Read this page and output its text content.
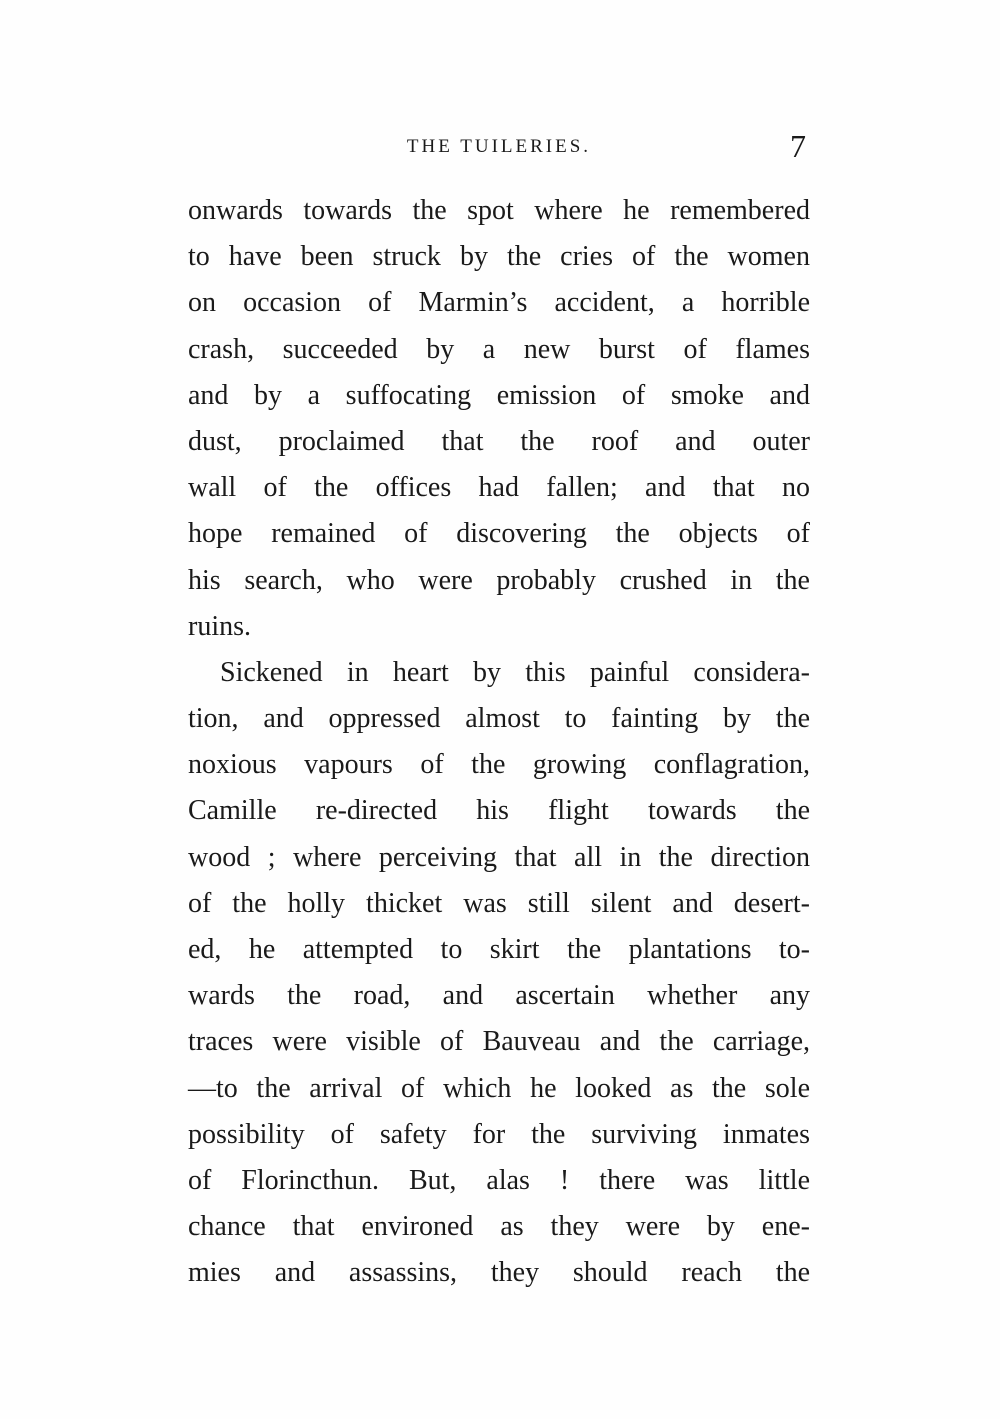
THE TUILERIES.	7
onwards towards the spot where he remembered
to have been struck by the cries of the women
on occasion of Marmin’s accident, a horrible
crash, succeeded by a new burst of flames
and by a suffocating emission of smoke and
dust, proclaimed that the roof and outer
wall of the offices had fallen; and that no
hope remained of discovering the objects of
his search, who were probably crushed in the
ruins.
Sickened in heart by this painful considera-
tion, and oppressed almost to fainting by the
noxious vapours of the growing conflagration,
Camille re-directed his flight towards the
wood ; where perceiving that all in the direction
of the holly thicket was still silent and desert-
ed, he attempted to skirt the plantations to-
wards the road, and ascertain whether any
traces were visible of Bauveau and the carriage,
—to the arrival of which he looked as the sole
possibility of safety for the surviving inmates
of Florincthun. But, alas ! there was little
chance that environed as they were by ene-
mies and assassins, they should reach the
